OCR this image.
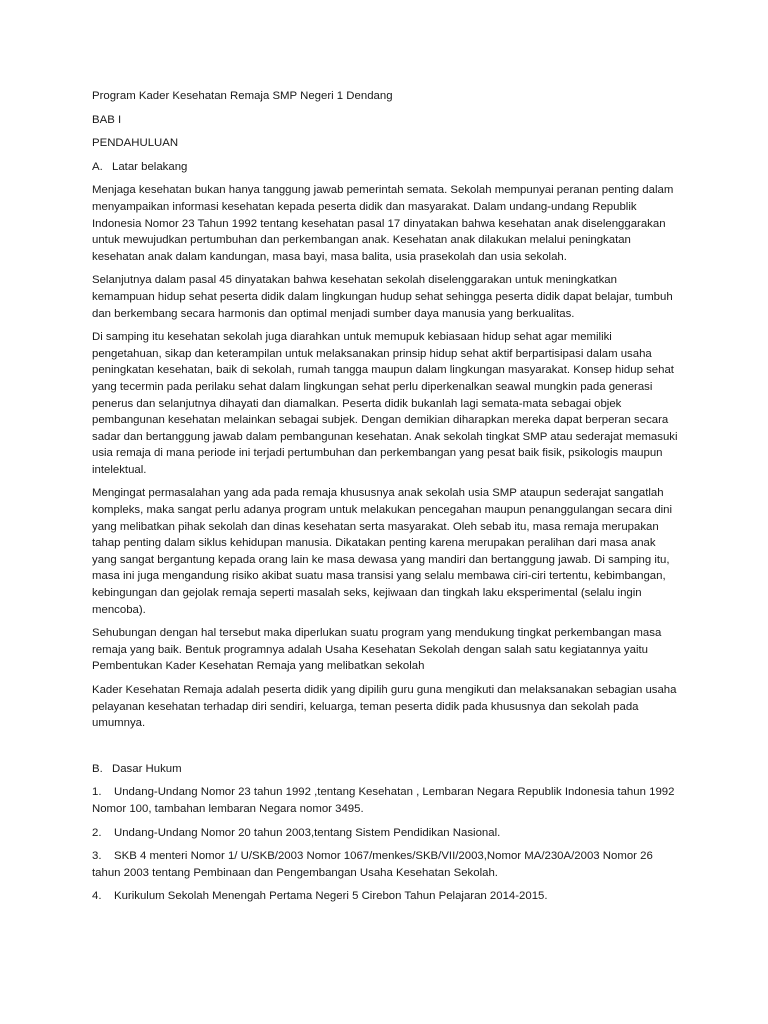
Program Kader Kesehatan Remaja SMP Negeri 1 Dendang

BAB I

PENDAHULUAN

A. Latar belakang

Menjaga kesehatan bukan hanya tanggung jawab pemerintah semata. Sekolah mempunyai peranan penting dalam menyampaikan informasi kesehatan kepada peserta didik dan masyarakat. Dalam undang-undang Republik Indonesia Nomor 23 Tahun 1992 tentang kesehatan pasal 17 dinyatakan bahwa kesehatan anak diselenggarakan untuk mewujudkan pertumbuhan dan perkembangan anak. Kesehatan anak dilakukan melalui peningkatan kesehatan anak dalam kandungan, masa bayi, masa balita, usia prasekolah dan usia sekolah.

Selanjutnya dalam pasal 45 dinyatakan bahwa kesehatan sekolah diselenggarakan untuk meningkatkan kemampuan hidup sehat peserta didik dalam lingkungan hudup sehat sehingga peserta didik dapat belajar, tumbuh dan berkembang secara harmonis dan optimal menjadi sumber daya manusia yang berkualitas.

Di samping itu kesehatan sekolah juga diarahkan untuk memupuk kebiasaan hidup sehat agar memiliki pengetahuan, sikap dan keterampilan untuk melaksanakan prinsip hidup sehat aktif berpartisipasi dalam usaha peningkatan kesehatan, baik di sekolah, rumah tangga maupun dalam lingkungan masyarakat. Konsep hidup sehat yang tecermin pada perilaku sehat dalam lingkungan sehat perlu diperkenalkan seawal mungkin pada generasi penerus dan selanjutnya dihayati dan diamalkan. Peserta didik bukanlah lagi semata-mata sebagai objek pembangunan kesehatan melainkan sebagai subjek. Dengan demikian diharapkan mereka dapat berperan secara sadar dan bertanggung jawab dalam pembangunan kesehatan. Anak sekolah tingkat SMP atau sederajat memasuki usia remaja di mana periode ini terjadi pertumbuhan dan perkembangan yang pesat baik fisik, psikologis maupun intelektual.

Mengingat permasalahan yang ada pada remaja khususnya anak sekolah usia SMP ataupun sederajat sangatlah kompleks, maka sangat perlu adanya program untuk melakukan pencegahan maupun penanggulangan secara dini yang melibatkan pihak sekolah dan dinas kesehatan serta masyarakat. Oleh sebab itu, masa remaja merupakan tahap penting dalam siklus kehidupan manusia. Dikatakan penting karena merupakan peralihan dari masa anak yang sangat bergantung kepada orang lain ke masa dewasa yang mandiri dan bertanggung jawab. Di samping itu, masa ini juga mengandung risiko akibat suatu masa transisi yang selalu membawa ciri-ciri tertentu, kebimbangan, kebingungan dan gejolak remaja seperti masalah seks, kejiwaan dan tingkah laku eksperimental (selalu ingin mencoba).

Sehubungan dengan hal tersebut maka diperlukan suatu program yang mendukung tingkat perkembangan masa remaja yang baik. Bentuk programnya adalah Usaha Kesehatan Sekolah dengan salah satu kegiatannya yaitu Pembentukan Kader Kesehatan Remaja yang melibatkan sekolah

Kader Kesehatan Remaja adalah peserta didik yang dipilih guru guna mengikuti dan melaksanakan sebagian usaha pelayanan kesehatan terhadap diri sendiri, keluarga, teman peserta didik pada khususnya dan sekolah pada umumnya.

B. Dasar Hukum

1. Undang-Undang Nomor 23 tahun 1992 ,tentang Kesehatan , Lembaran Negara Republik Indonesia tahun 1992 Nomor 100, tambahan lembaran Negara nomor 3495.

2. Undang-Undang Nomor 20 tahun 2003,tentang Sistem Pendidikan Nasional.

3. SKB 4 menteri Nomor 1/ U/SKB/2003 Nomor 1067/menkes/SKB/VII/2003,Nomor MA/230A/2003 Nomor 26 tahun 2003 tentang Pembinaan dan Pengembangan Usaha Kesehatan Sekolah.

4. Kurikulum Sekolah Menengah Pertama Negeri 5 Cirebon Tahun Pelajaran 2014-2015.
